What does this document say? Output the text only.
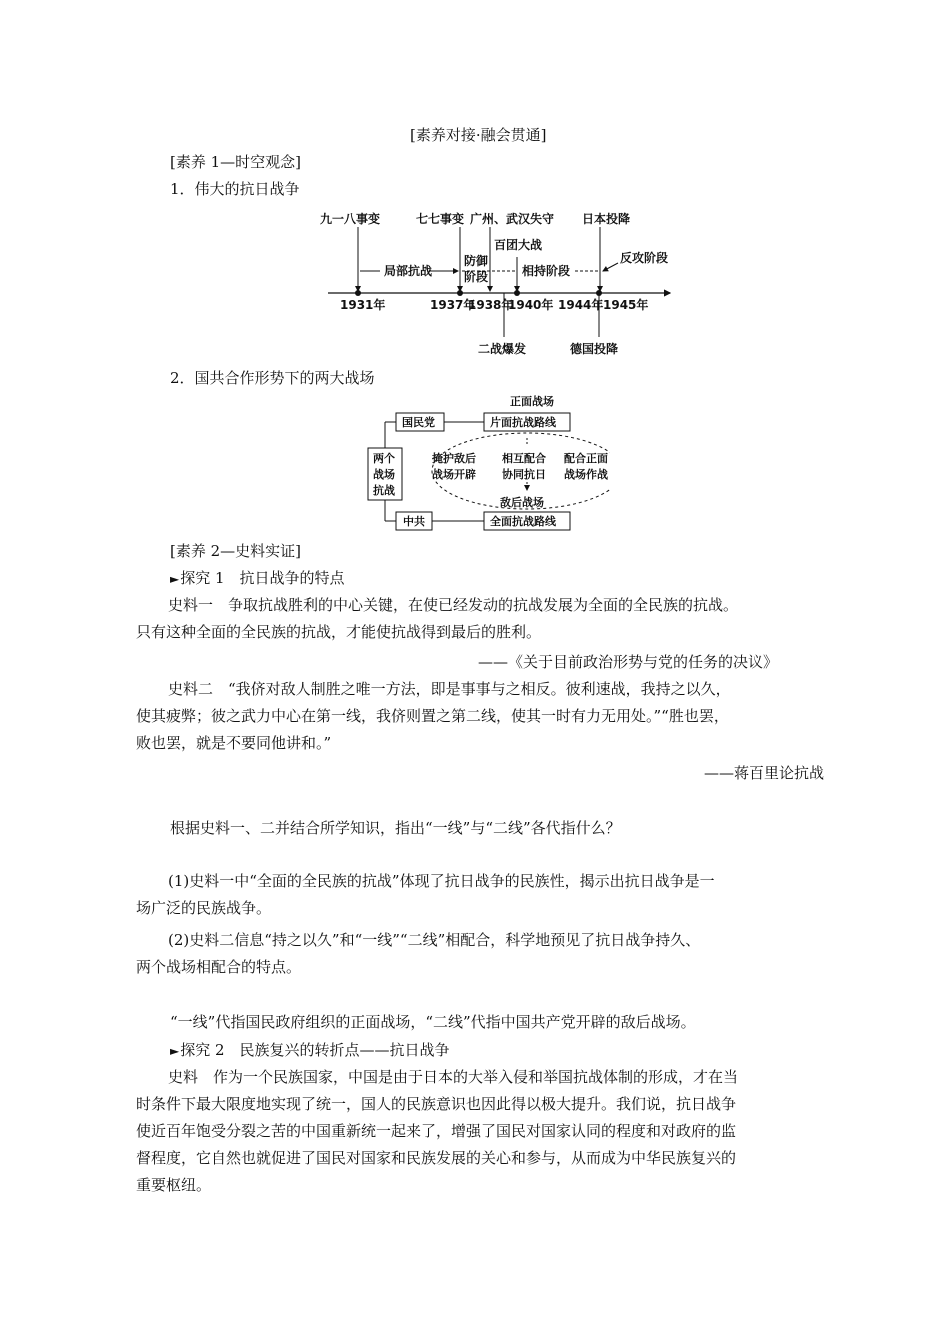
[素养对接·融会贯通]
[素养 1—时空观念]
1．伟大的抗日战争
九一八事变	七七事变 广州、武汉失守
百团大战
日本投降
反攻阶段
局部抗战
防御
阶段	相持阶段
1931年	1937年
1938年
1940年 1944年 1945年
二战爆发	德国投降
2．国共合作形势下的两大战场
两个
战场
抗战
国民党
中共
正面战场
片面抗战路线
全面抗战路线
掩护敌后
战场开辟
相互配合
协同抗日
配合正面
战场作战
敌后战场
[素养 2—史料实证]
►探究 1　抗日战争的特点
史料一　争取抗战胜利的中心关键，在使已经发动的抗战发展为全面的全民族的抗战。
只有这种全面的全民族的抗战，才能使抗战得到最后的胜利。
——《关于目前政治形势与党的任务的决议》
史料二　“我侪对敌人制胜之唯一方法，即是事事与之相反。彼利速战，我持之以久，
使其疲弊；彼之武力中心在第一线，我侪则置之第二线，使其一时有力无用处。”“胜也罢，
败也罢，就是不要同他讲和。”
——蒋百里论抗战
根据史料一、二并结合所学知识，指出“一线”与“二线”各代指什么？
(1)史料一中“全面的全民族的抗战”体现了抗日战争的民族性，揭示出抗日战争是一
场广泛的民族战争。
(2)史料二信息“持之以久”和“一线”“二线”相配合，科学地预见了抗日战争持久、
两个战场相配合的特点。
“一线”代指国民政府组织的正面战场，“二线”代指中国共产党开辟的敌后战场。
►探究 2　民族复兴的转折点——抗日战争
史料　作为一个民族国家，中国是由于日本的大举入侵和举国抗战体制的形成，才在当
时条件下最大限度地实现了统一，国人的民族意识也因此得以极大提升。我们说，抗日战争
使近百年饱受分裂之苦的中国重新统一起来了，增强了国民对国家认同的程度和对政府的监
督程度，它自然也就促进了国民对国家和民族发展的关心和参与，从而成为中华民族复兴的
重要枢纽。
